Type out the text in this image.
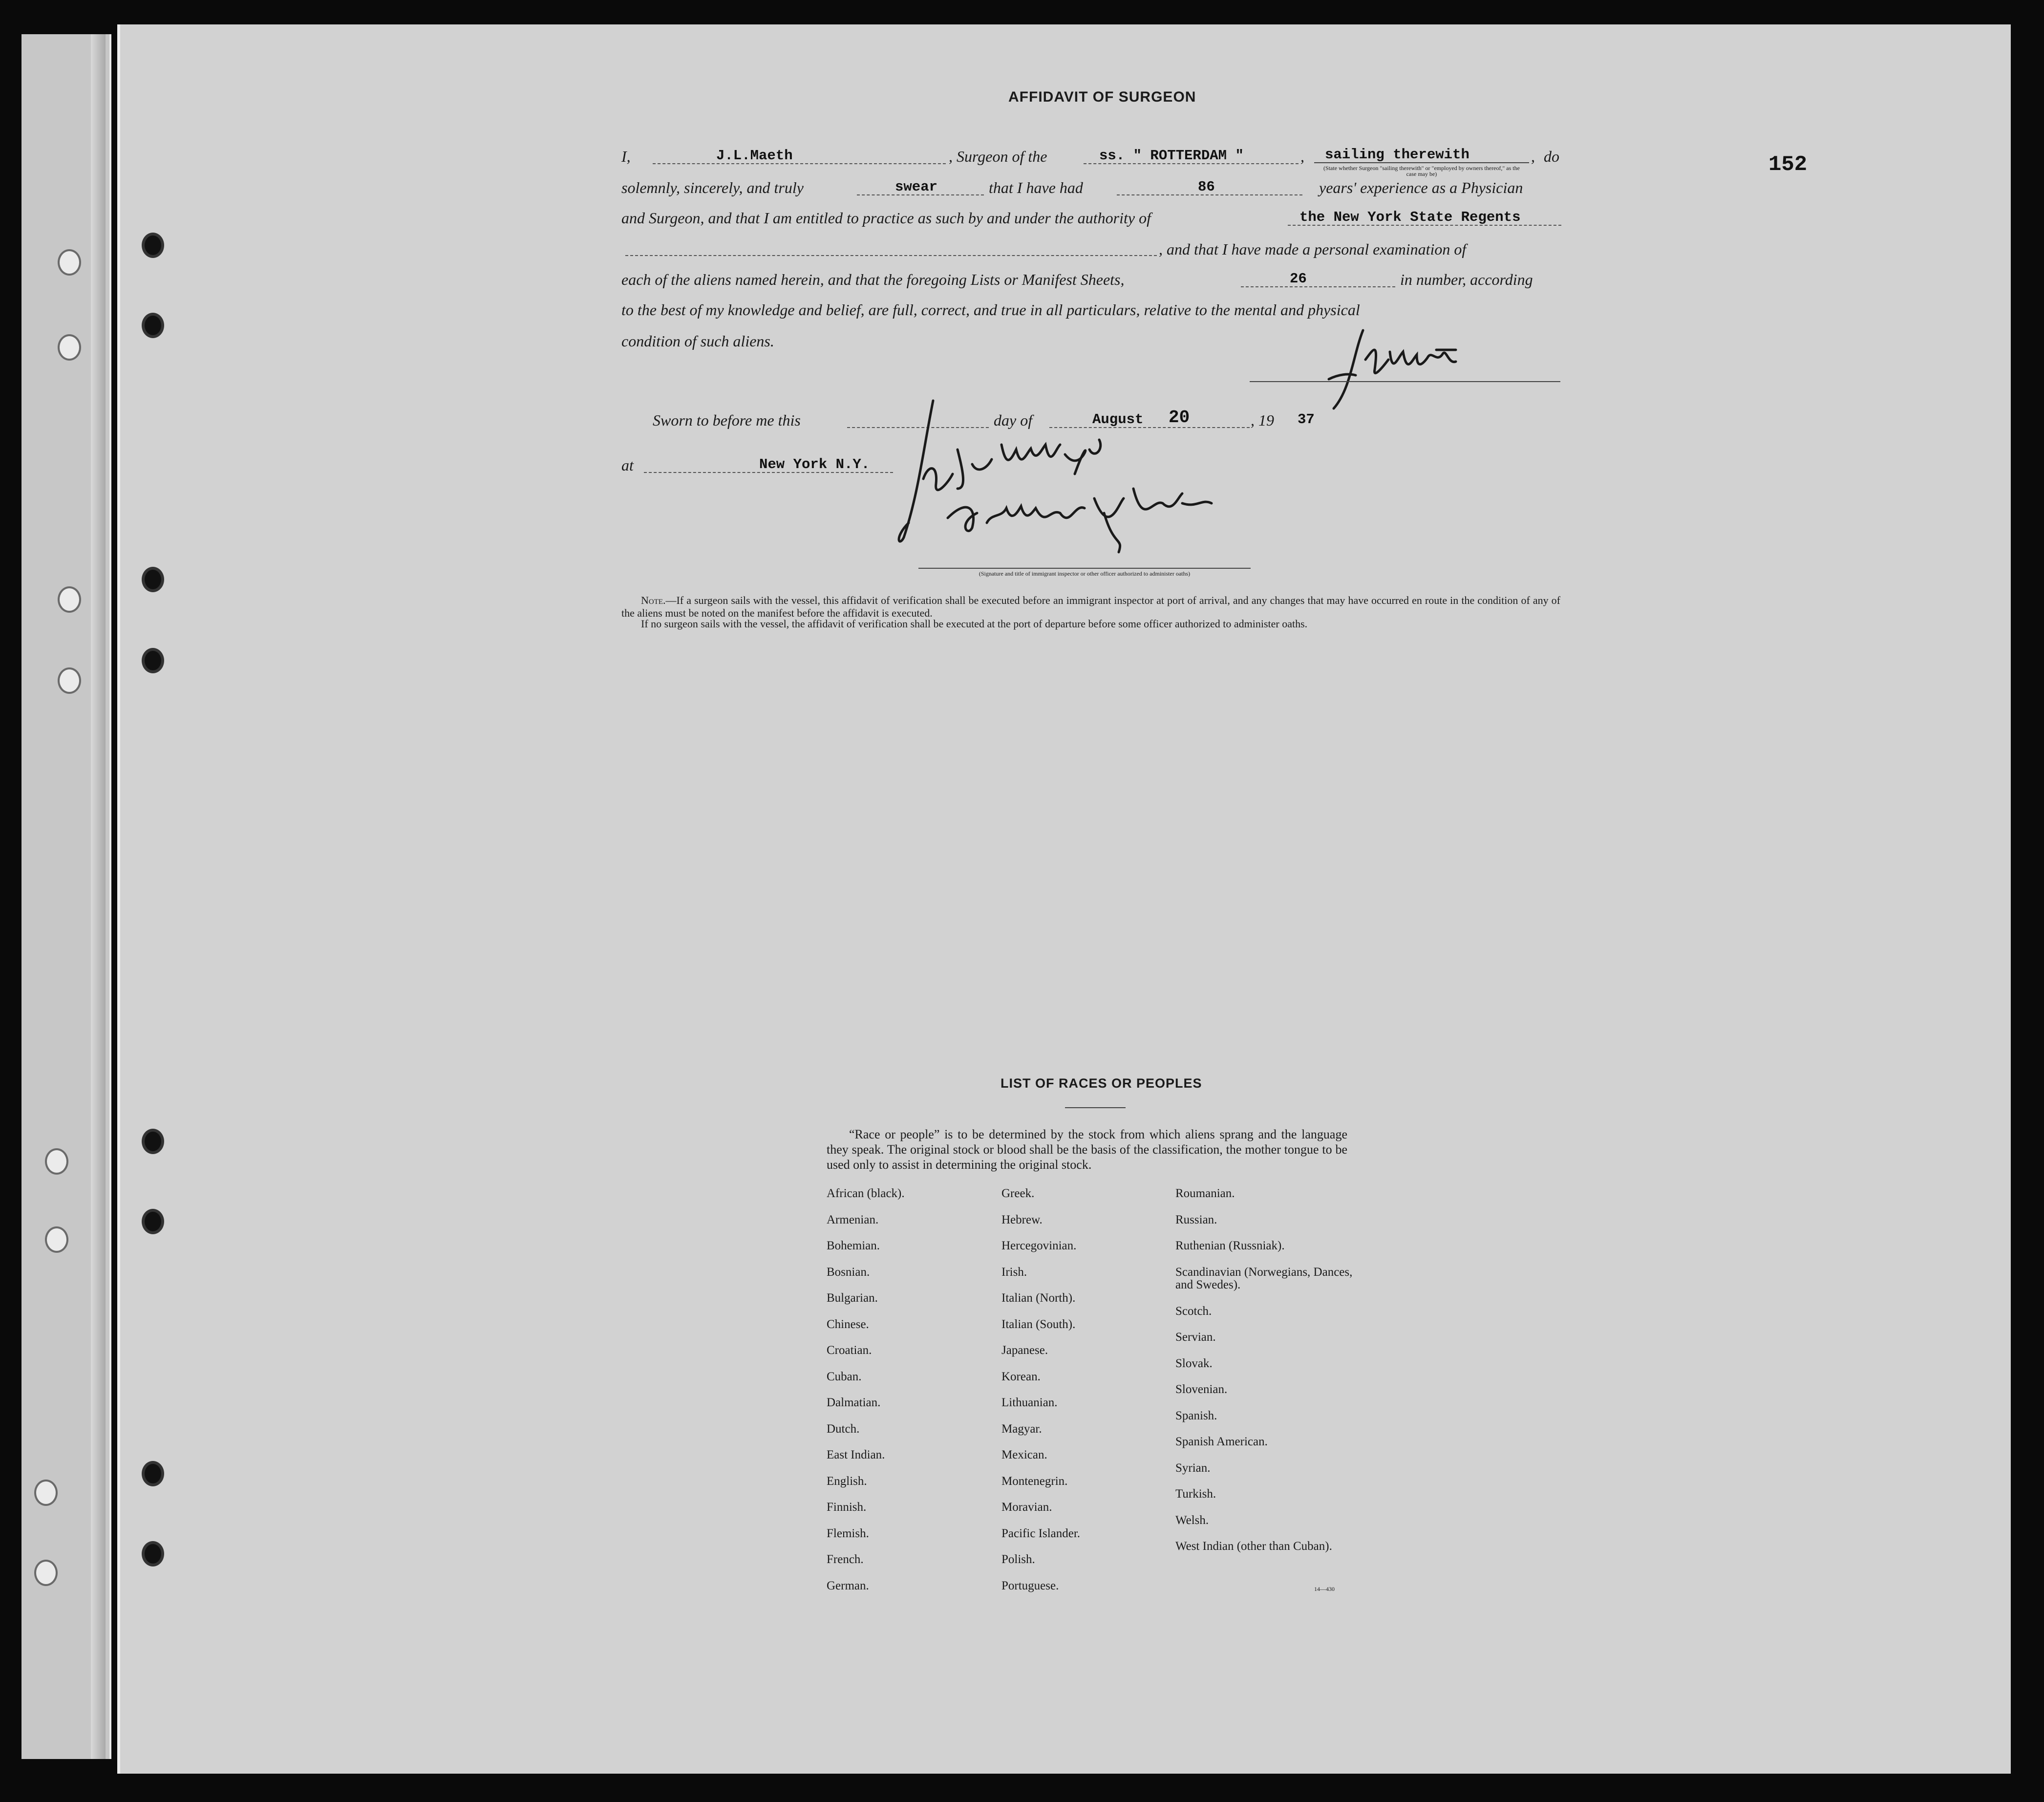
152
AFFIDAVIT OF SURGEON
I,	J.L.Maeth	, Surgeon of the	ss. " ROTTERDAM "	, sailing therewith
(State whether Surgeon "sailing therewith" or "employed by owners thereof," as the case may be)
, do
solemnly, sincerely, and truly	swear	that I have had	86	years' experience as a Physician
and Surgeon, and that I am entitled to practice as such by and under the authority of	the New York State Regents
, and that I have made a personal examination of
each of the aliens named herein, and that the foregoing Lists or Manifest Sheets,	26	in number, according
to the best of my knowledge and belief, are full, correct, and true in all particulars, relative to the mental and physical
condition of such aliens.
Sworn to before me this	day of	August 20	, 19 37
at	New York N.Y.
(Signature and title of immigrant inspector or other officer authorized to administer oaths)
Note.—If a surgeon sails with the vessel, this affidavit of verification shall be executed before an immigrant inspector at port of arrival, and any changes that may have occurred en route in the condition of any of the aliens must be noted on the manifest before the affidavit is executed.
If no surgeon sails with the vessel, the affidavit of verification shall be executed at the port of departure before some officer authorized to administer oaths.
LIST OF RACES OR PEOPLES
“Race or people” is to be determined by the stock from which aliens sprang and the language they speak. The original stock or blood shall be the basis of the classification, the mother tongue to be used only to assist in determining the original stock.
African (black).
Armenian.
Bohemian.
Bosnian.
Bulgarian.
Chinese.
Croatian.
Cuban.
Dalmatian.
Dutch.
East Indian.
English.
Finnish.
Flemish.
French.
German.
Greek.
Hebrew.
Hercegovinian.
Irish.
Italian (North).
Italian (South).
Japanese.
Korean.
Lithuanian.
Magyar.
Mexican.
Montenegrin.
Moravian.
Pacific Islander.
Polish.
Portuguese.
Roumanian.
Russian.
Ruthenian (Russniak).
Scandinavian (Norwegians, Dances, and Swedes).
Scotch.
Servian.
Slovak.
Slovenian.
Spanish.
Spanish American.
Syrian.
Turkish.
Welsh.
West Indian (other than Cuban).
14—430
